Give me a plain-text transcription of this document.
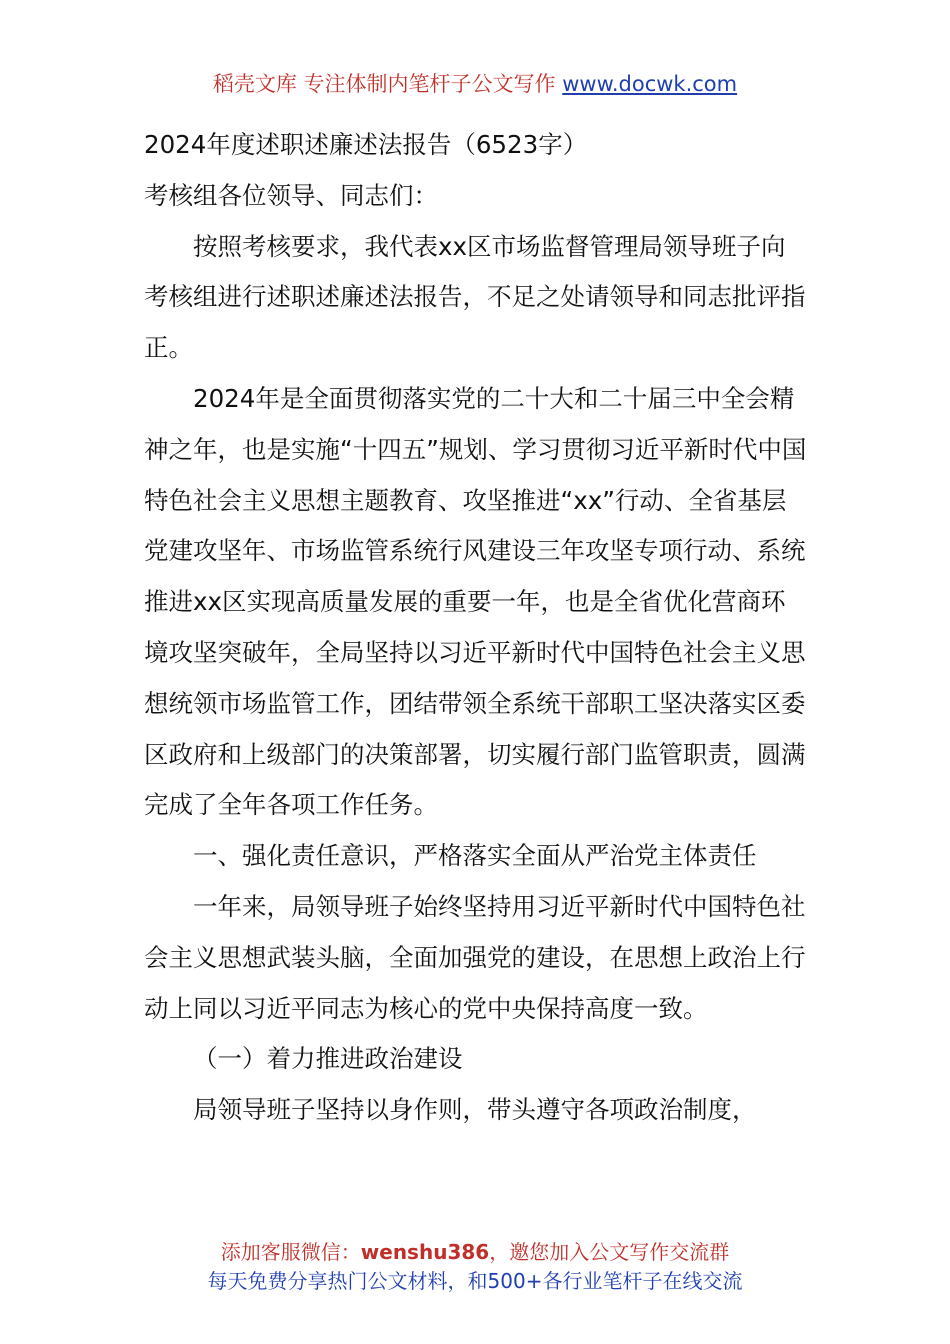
稻壳文库 专注体制内笔杆子公文写作 www.docwk.com

2024年度述职述廉述法报告（6523字）

考核组各位领导、同志们：

按照考核要求，我代表xx区市场监督管理局领导班子向考核组进行述职述廉述法报告，不足之处请领导和同志批评指正。

2024年是全面贯彻落实党的二十大和二十届三中全会精神之年，也是实施“十四五”规划、学习贯彻习近平新时代中国特色社会主义思想主题教育、攻坚推进“xx”行动、全省基层党建攻坚年、市场监管系统行风建设三年攻坚专项行动、系统推进xx区实现高质量发展的重要一年，也是全省优化营商环境攻坚突破年，全局坚持以习近平新时代中国特色社会主义思想统领市场监管工作，团结带领全系统干部职工坚决落实区委区政府和上级部门的决策部署，切实履行部门监管职责，圆满完成了全年各项工作任务。

一、强化责任意识，严格落实全面从严治党主体责任

一年来，局领导班子始终坚持用习近平新时代中国特色社会主义思想武装头脑，全面加强党的建设，在思想上政治上行动上同以习近平同志为核心的党中央保持高度一致。

（一）着力推进政治建设

局领导班子坚持以身作则，带头遵守各项政治制度，

添加客服微信：wenshu386，邀您加入公文写作交流群
每天免费分享热门公文材料，和500+各行业笔杆子在线交流
